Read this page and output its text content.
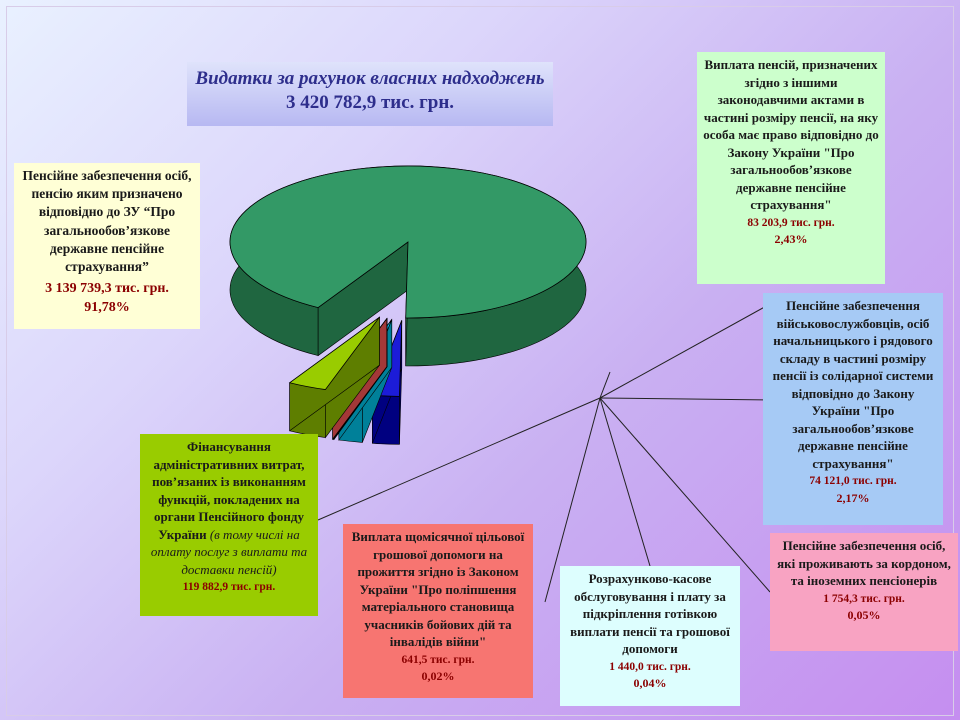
Видатки за рахунок власних надходжень
3 420 782,9 тис. грн.
Пенсійне забезпечення осіб, пенсію яким призначено відповідно до ЗУ “Про загальнообов’язкове державне пенсійне страхування”
3 139 739,3 тис. грн.
91,78%
Виплата пенсій, призначених згідно з іншими законодавчими актами в частині розміру пенсії, на яку особа має право відповідно до Закону України "Про загальнообов’язкове державне пенсійне страхування"
83 203,9 тис. грн.
2,43%
Пенсійне забезпечення військовослужбовців, осіб начальницького і рядового складу в частині розміру пенсії із солідарної системи відповідно до Закону України "Про загальнообов’язкове державне пенсійне страхування"
74 121,0 тис. грн.
2,17%
Пенсійне забезпечення осіб, які проживають за кордоном, та іноземних пенсіонерів
1 754,3 тис. грн.
0,05%
Розрахунково-касове обслуговування і плату за підкріплення готівкою виплати пенсії та грошової допомоги
1 440,0 тис. грн.
0,04%
Виплата щомісячної цільової грошової допомоги на прожиття згідно із Законом України "Про поліпшення матеріального становища учасників бойових дій та інвалідів війни"
641,5 тис. грн.
0,02%
Фінансування адміністративних витрат, пов’язаних із виконанням функцій, покладених на органи Пенсійного фонду України (в тому числі на оплату послуг з виплати та доставки пенсій)
119 882,9 тис. грн.
